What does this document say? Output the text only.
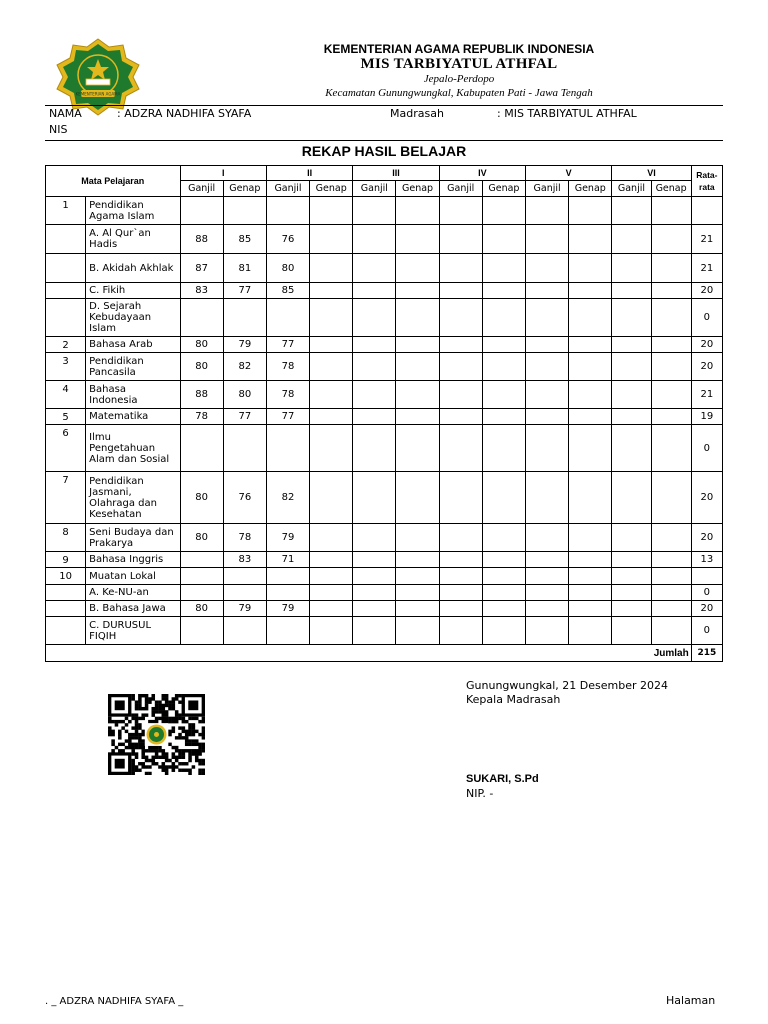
KEMENTERIAN AGAMA
KEMENTERIAN AGAMA REPUBLIK INDONESIA
MIS TARBIYATUL ATHFAL
Jepalo-Perdopo
Kecamatan Gunungwungkal, Kabupaten Pati - Jawa Tengah
NAMA	: ADZRA NADHIFA SYAFA	Madrasah	: MIS TARBIYATUL ATHFAL
NIS
REKAP HASIL BELAJAR
Mata Pelajaran		I		II		III		IV		V		VI		Rata-rata
		Ganjil	Genap	Ganjil	Genap	Ganjil	Genap	Ganjil	Genap	Ganjil	Genap	Ganjil	Genap	
1	Pendidikan Agama Islam													
	A. Al Qur`an Hadis	88	85	76										21
	B. Akidah Akhlak	87	81	80										21
	C. Fikih	83	77	85										20
	D. Sejarah Kebudayaan Islam													0
2	Bahasa Arab	80	79	77										20
3	Pendidikan Pancasila	80	82	78										20
4	Bahasa Indonesia	88	80	78										21
5	Matematika	78	77	77										19
6	Ilmu Pengetahuan Alam dan Sosial													0
7	Pendidikan Jasmani, Olahraga dan Kesehatan	80	76	82										20
8	Seni Budaya dan Prakarya	80	78	79										20
9	Bahasa Inggris		83	71										13
10	Muatan Lokal													
	A. Ke-NU-an													0
	B. Bahasa Jawa	80	79	79										20
	C. DURUSUL FIQIH													0
Jumlah														215
Gunungwungkal, 21 Desember 2024
Kepala Madrasah
SUKARI, S.Pd
NIP. -
. _ ADZRA NADHIFA SYAFA _	Halaman
